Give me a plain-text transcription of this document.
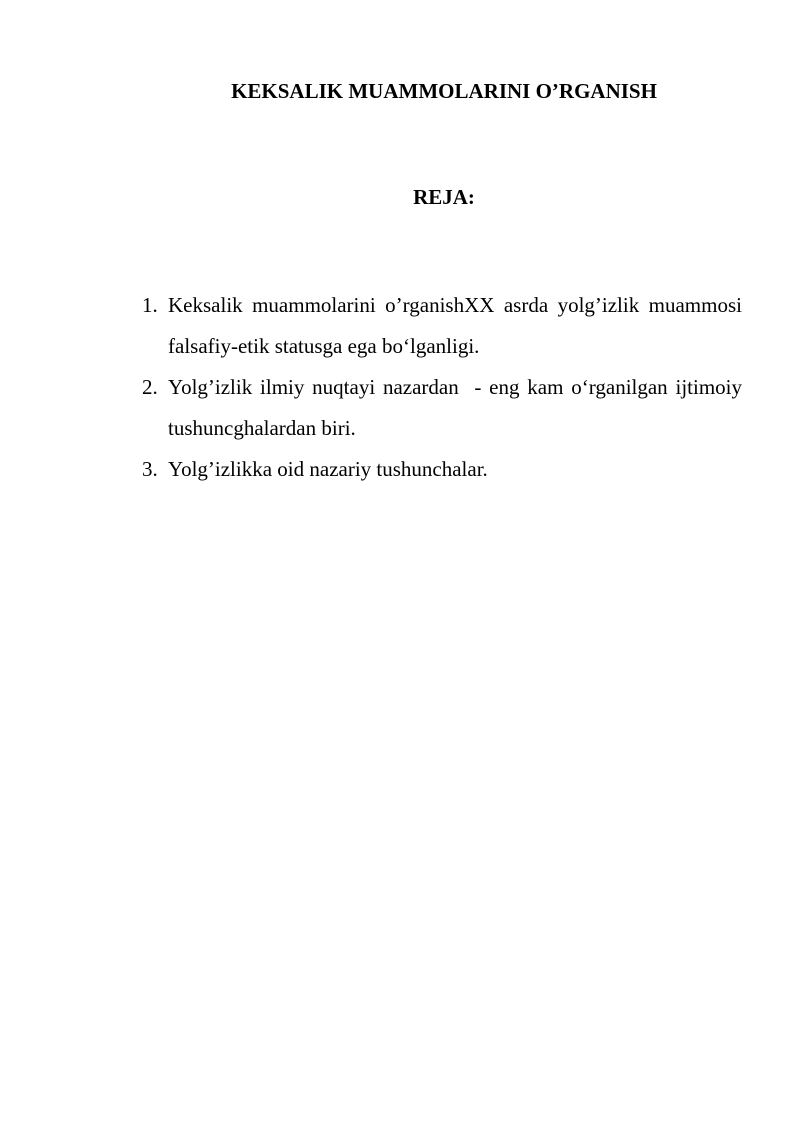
KEKSALIK MUAMMOLARINI O’RGANISH
REJA:
1. Keksalik muammolarini o’rganishXX asrda yolg’izlik muammosi falsafiy-etik statusga ega bo‘lganligi.
2. Yolg’izlik ilmiy nuqtayi nazardan  - eng kam o‘rganilgan ijtimoiy tushuncghalardan biri.
3. Yolg’izlikka oid nazariy tushunchalar.
